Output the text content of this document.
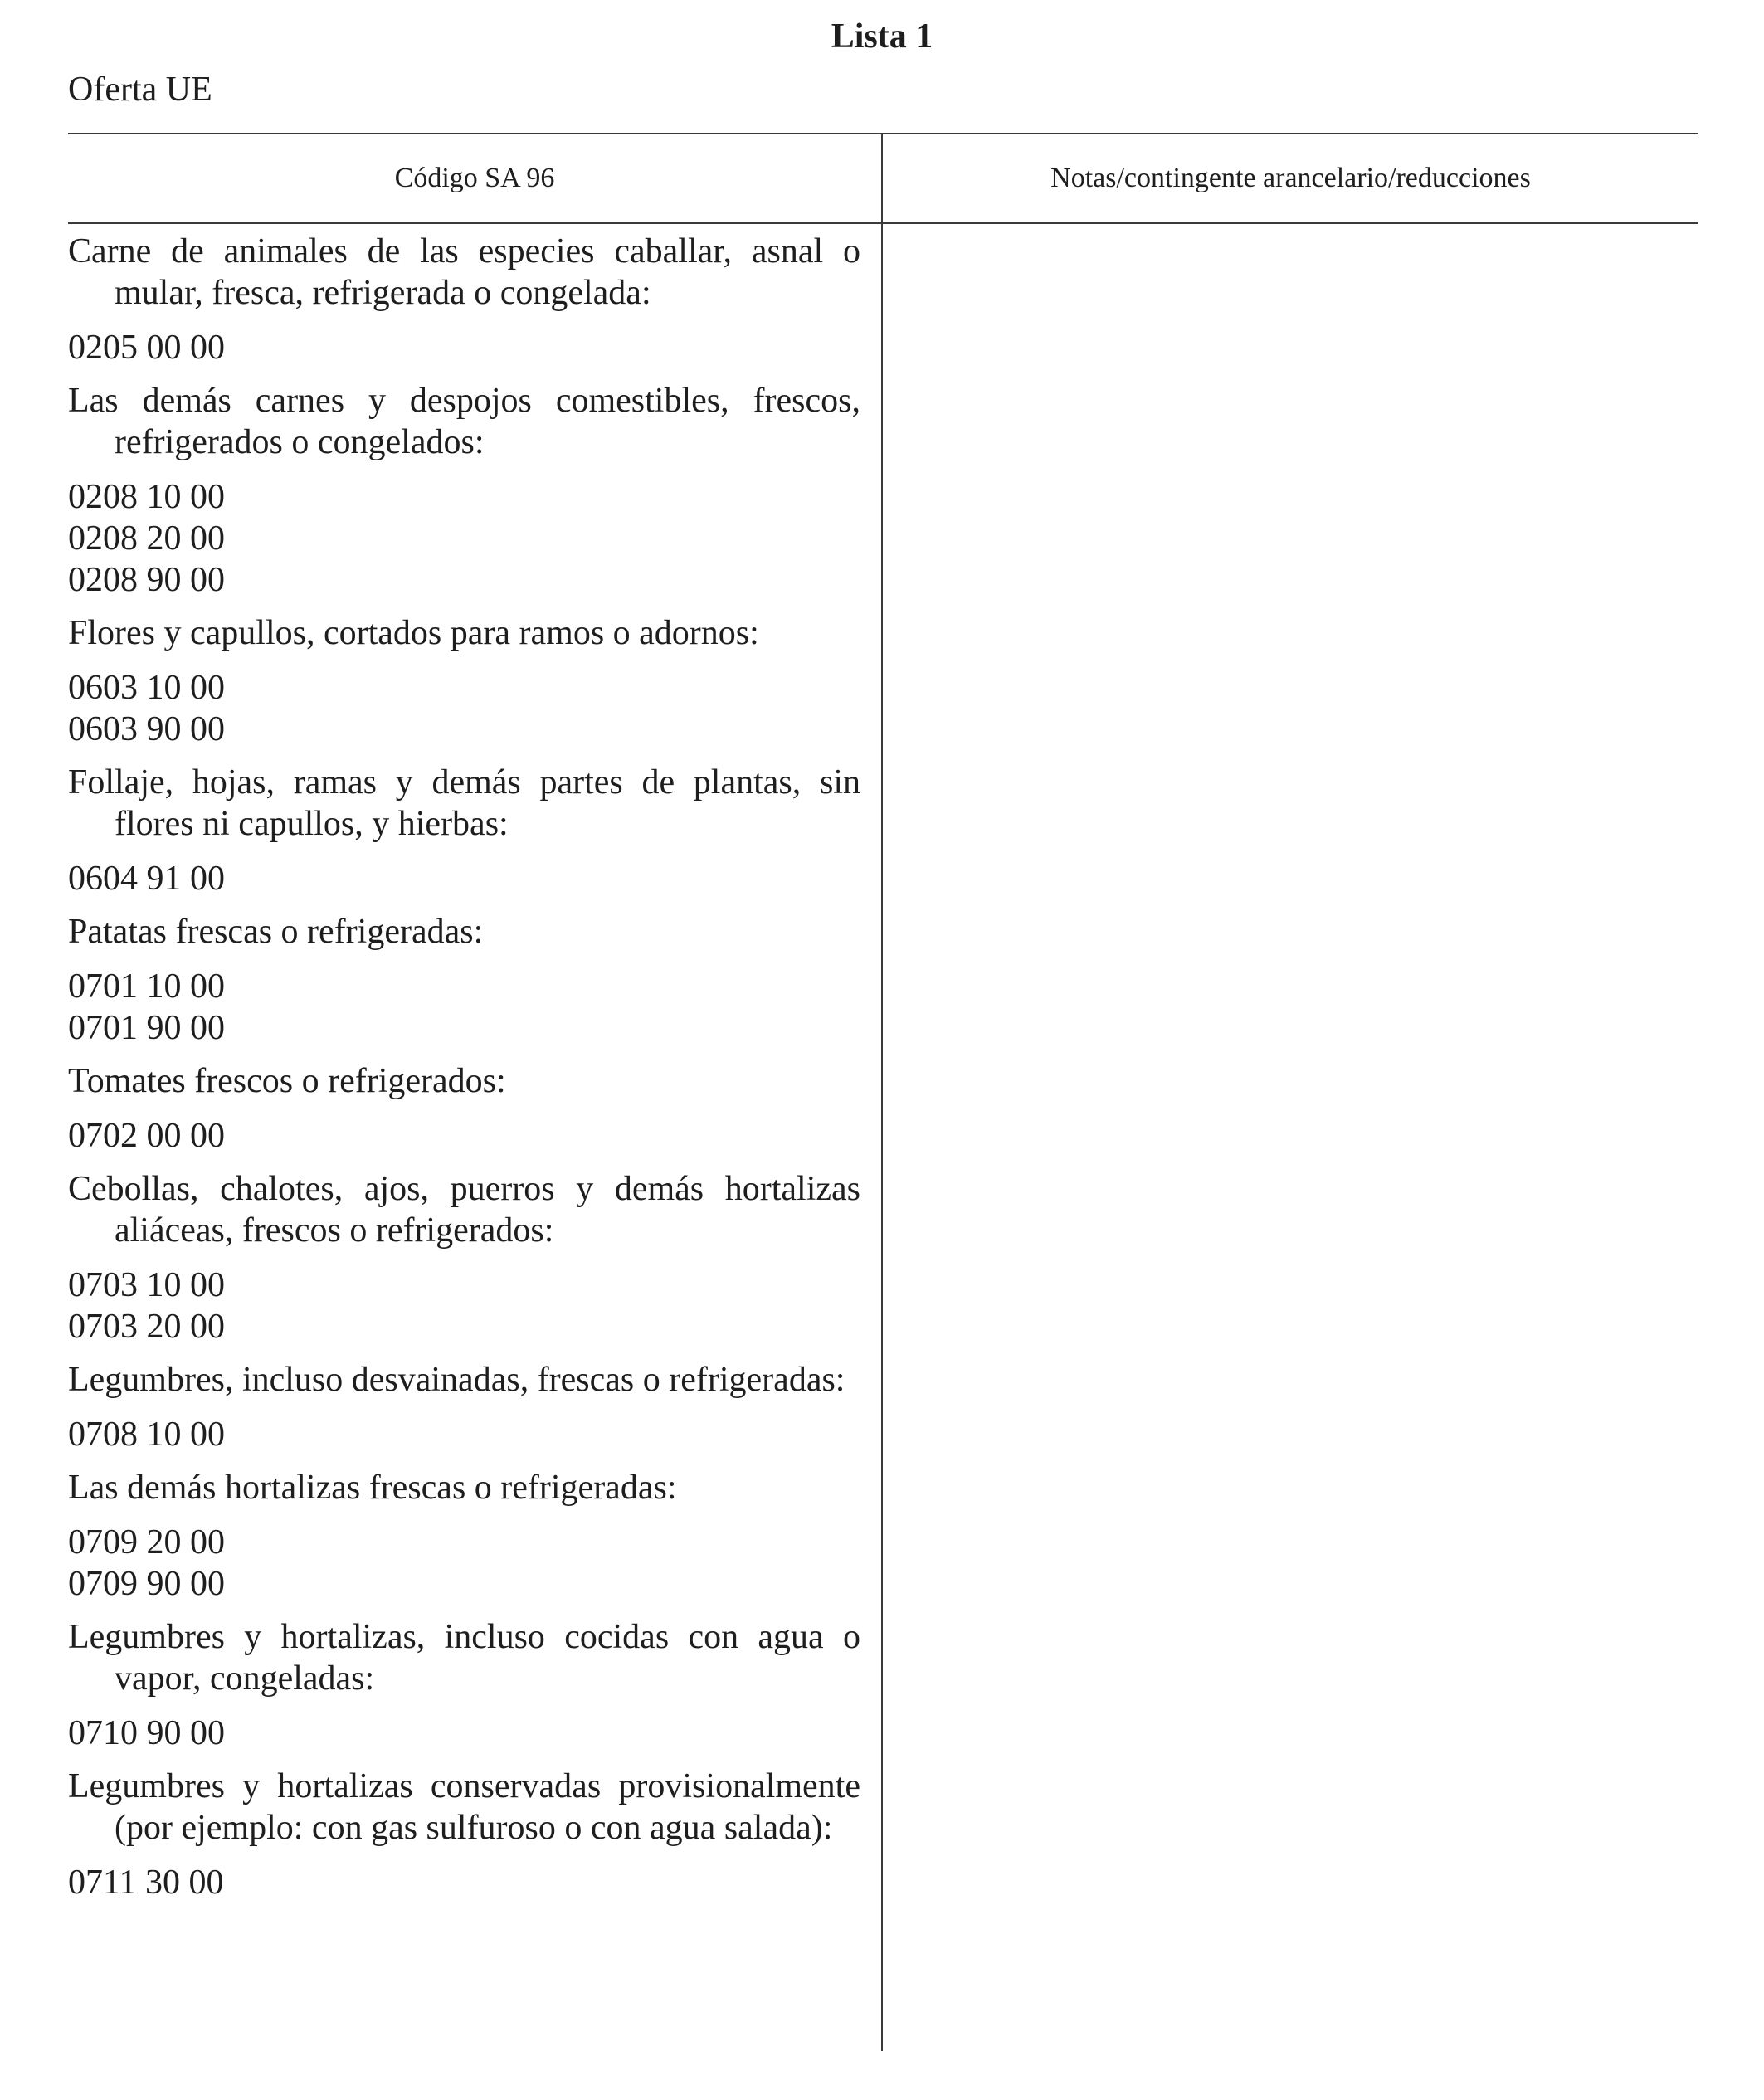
Lista 1
Oferta UE
Código SA 96	Notas/contingente arancelario/reducciones
Carne de animales de las especies caballar, asnal o mular, fresca, refrigerada o congelada:
0205 00 00
Las demás carnes y despojos comestibles, frescos, refrigerados o congelados:
0208 10 00
0208 20 00
0208 90 00
Flores y capullos, cortados para ramos o adornos:
0603 10 00
0603 90 00
Follaje, hojas, ramas y demás partes de plantas, sin flores ni capullos, y hierbas:
0604 91 00
Patatas frescas o refrigeradas:
0701 10 00
0701 90 00
Tomates frescos o refrigerados:
0702 00 00
Cebollas, chalotes, ajos, puerros y demás hortalizas aliáceas, frescos o refrigerados:
0703 10 00
0703 20 00
Legumbres, incluso desvainadas, frescas o refrigeradas:
0708 10 00
Las demás hortalizas frescas o refrigeradas:
0709 20 00
0709 90 00
Legumbres y hortalizas, incluso cocidas con agua o vapor, congeladas:
0710 90 00
Legumbres y hortalizas conservadas provisionalmente (por ejemplo: con gas sulfuroso o con agua salada):
0711 30 00
